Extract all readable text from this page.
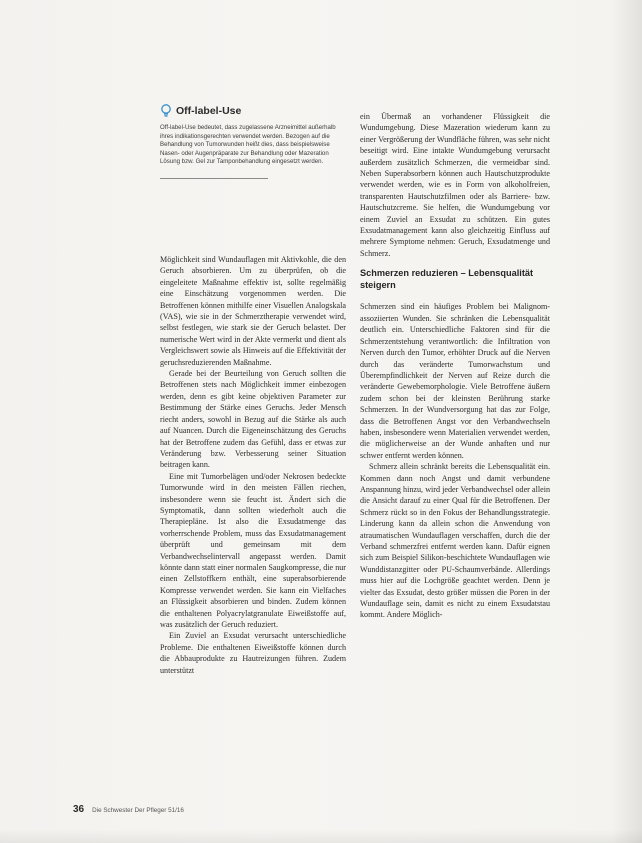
Off-label-Use
Off-label-Use bedeutet, dass zugelassene Arzneimittel außerhalb ihres indikationsgerechten verwendet werden. Bezogen auf die Behandlung von Tumorwunden heißt dies, dass beispielsweise Nasen- oder Augenpräparate zur Behandlung oder Mazeration Lösung bzw. Gel zur Tamponbehandlung eingesetzt werden.

Möglichkeit sind Wundauflagen mit Aktivkohle, die den Geruch absorbieren. Um zu überprüfen, ob die eingeleitete Maßnahme effektiv ist, sollte regelmäßig eine Einschätzung vorgenommen werden. Die Betroffenen können mithilfe einer Visuellen Analogskala (VAS), wie sie in der Schmerztherapie verwendet wird, selbst festlegen, wie stark sie der Geruch belastet. Der numerische Wert wird in der Akte vermerkt und dient als Vergleichswert sowie als Hinweis auf die Effektivität der geruchsreduzierenden Maßnahme.

Gerade bei der Beurteilung von Geruch sollten die Betroffenen stets nach Möglichkeit immer einbezogen werden, denn es gibt keine objektiven Parameter zur Bestimmung der Stärke eines Geruchs. Jeder Mensch riecht anders, sowohl in Bezug auf die Stärke als auch auf Nuancen. Durch die Eigeneinschätzung des Geruchs hat der Betroffene zudem das Gefühl, dass er etwas zur Veränderung bzw. Verbesserung seiner Situation beitragen kann.

Eine mit Tumorbelägen und/oder Nekrosen bedeckte Tumorwunde wird in den meisten Fällen riechen, insbesondere wenn sie feucht ist. Ändert sich die Symptomatik, dann sollten wiederholt auch die Therapiepläne. Ist also die Exsudatmenge das vorherrschende Problem, muss das Exsudatmanagement überprüft und gemeinsam mit dem Verbandwechselintervall angepasst werden. Damit könnte dann statt einer normalen Saugkompresse, die nur einen Zellstoffkern enthält, eine superabsorbierende Kompresse verwendet werden. Sie kann ein Vielfaches an Flüssigkeit absorbieren und binden. Zudem können die enthaltenen Polyacrylatgranulate Eiweißstoffe auf, was zusätzlich der Geruch reduziert.

Ein Zuviel an Exsudat verursacht unterschiedliche Probleme. Die enthaltenen Eiweißstoffe können durch die Abbauprodukte zu Hautreizungen führen. Zudem unterstützt

ein Übermaß an vorhandener Flüssigkeit die Wundumgebung. Diese Mazeration wiederum kann zu einer Vergrößerung der Wundfläche führen, was sehr nicht beseitigt wird. Eine intakte Wundumgebung verursacht außerdem zusätzlich Schmerzen, die vermeidbar sind. Neben Superabsorbern können auch Hautschutzprodukte verwendet werden, wie es in Form von alkoholfreien, transparenten Hautschutzfilmen oder als Barriere- bzw. Hautschutzcreme. Sie helfen, die Wundumgebung vor einem Zuviel an Exsudat zu schützen. Ein gutes Exsudatmanagement kann also gleichzeitig Einfluss auf mehrere Symptome nehmen: Geruch, Exsudatmenge und Schmerz.

Schmerzen reduzieren – Lebensqualität steigern

Schmerzen sind ein häufiges Problem bei Malignom-assoziierten Wunden. Sie schränken die Lebensqualität deutlich ein. Unterschiedliche Faktoren sind für die Schmerzentstehung verantwortlich: die Infiltration von Nerven durch den Tumor, erhöhter Druck auf die Nerven durch das veränderte Tumorwachstum und Überempfindlichkeit der Nerven auf Reize durch die veränderte Gewebemorphologie. Viele Betroffene äußern zudem schon bei der kleinsten Berührung starke Schmerzen. In der Wundversorgung hat das zur Folge, dass die Betroffenen Angst vor den Verbandwechseln haben, insbesondere wenn Materialien verwendet werden, die möglicherweise an der Wunde anhaften und nur schwer entfernt werden können.

Schmerz allein schränkt bereits die Lebensqualität ein. Kommen dann noch Angst und damit verbundene Anspannung hinzu, wird jeder Verbandwechsel oder allein die Ansicht darauf zu einer Qual für die Betroffenen. Der Schmerz rückt so in den Fokus der Behandlungsstrategie. Linderung kann da allein schon die Anwendung von atraumatischen Wundauflagen verschaffen, durch die der Verband schmerzfrei entfernt werden kann. Dafür eignen sich zum Beispiel Silikon-beschichtete Wundauflagen wie Wunddistanzgitter oder PU-Schaumverbände. Allerdings muss hier auf die Lochgröße geachtet werden. Denn je vielter das Exsudat, desto größer müssen die Poren in der Wundauflage sein, damit es nicht zu einem Exsudatstau kommt. Andere Möglich-

36 Die Schwester Der Pfleger 51/16
